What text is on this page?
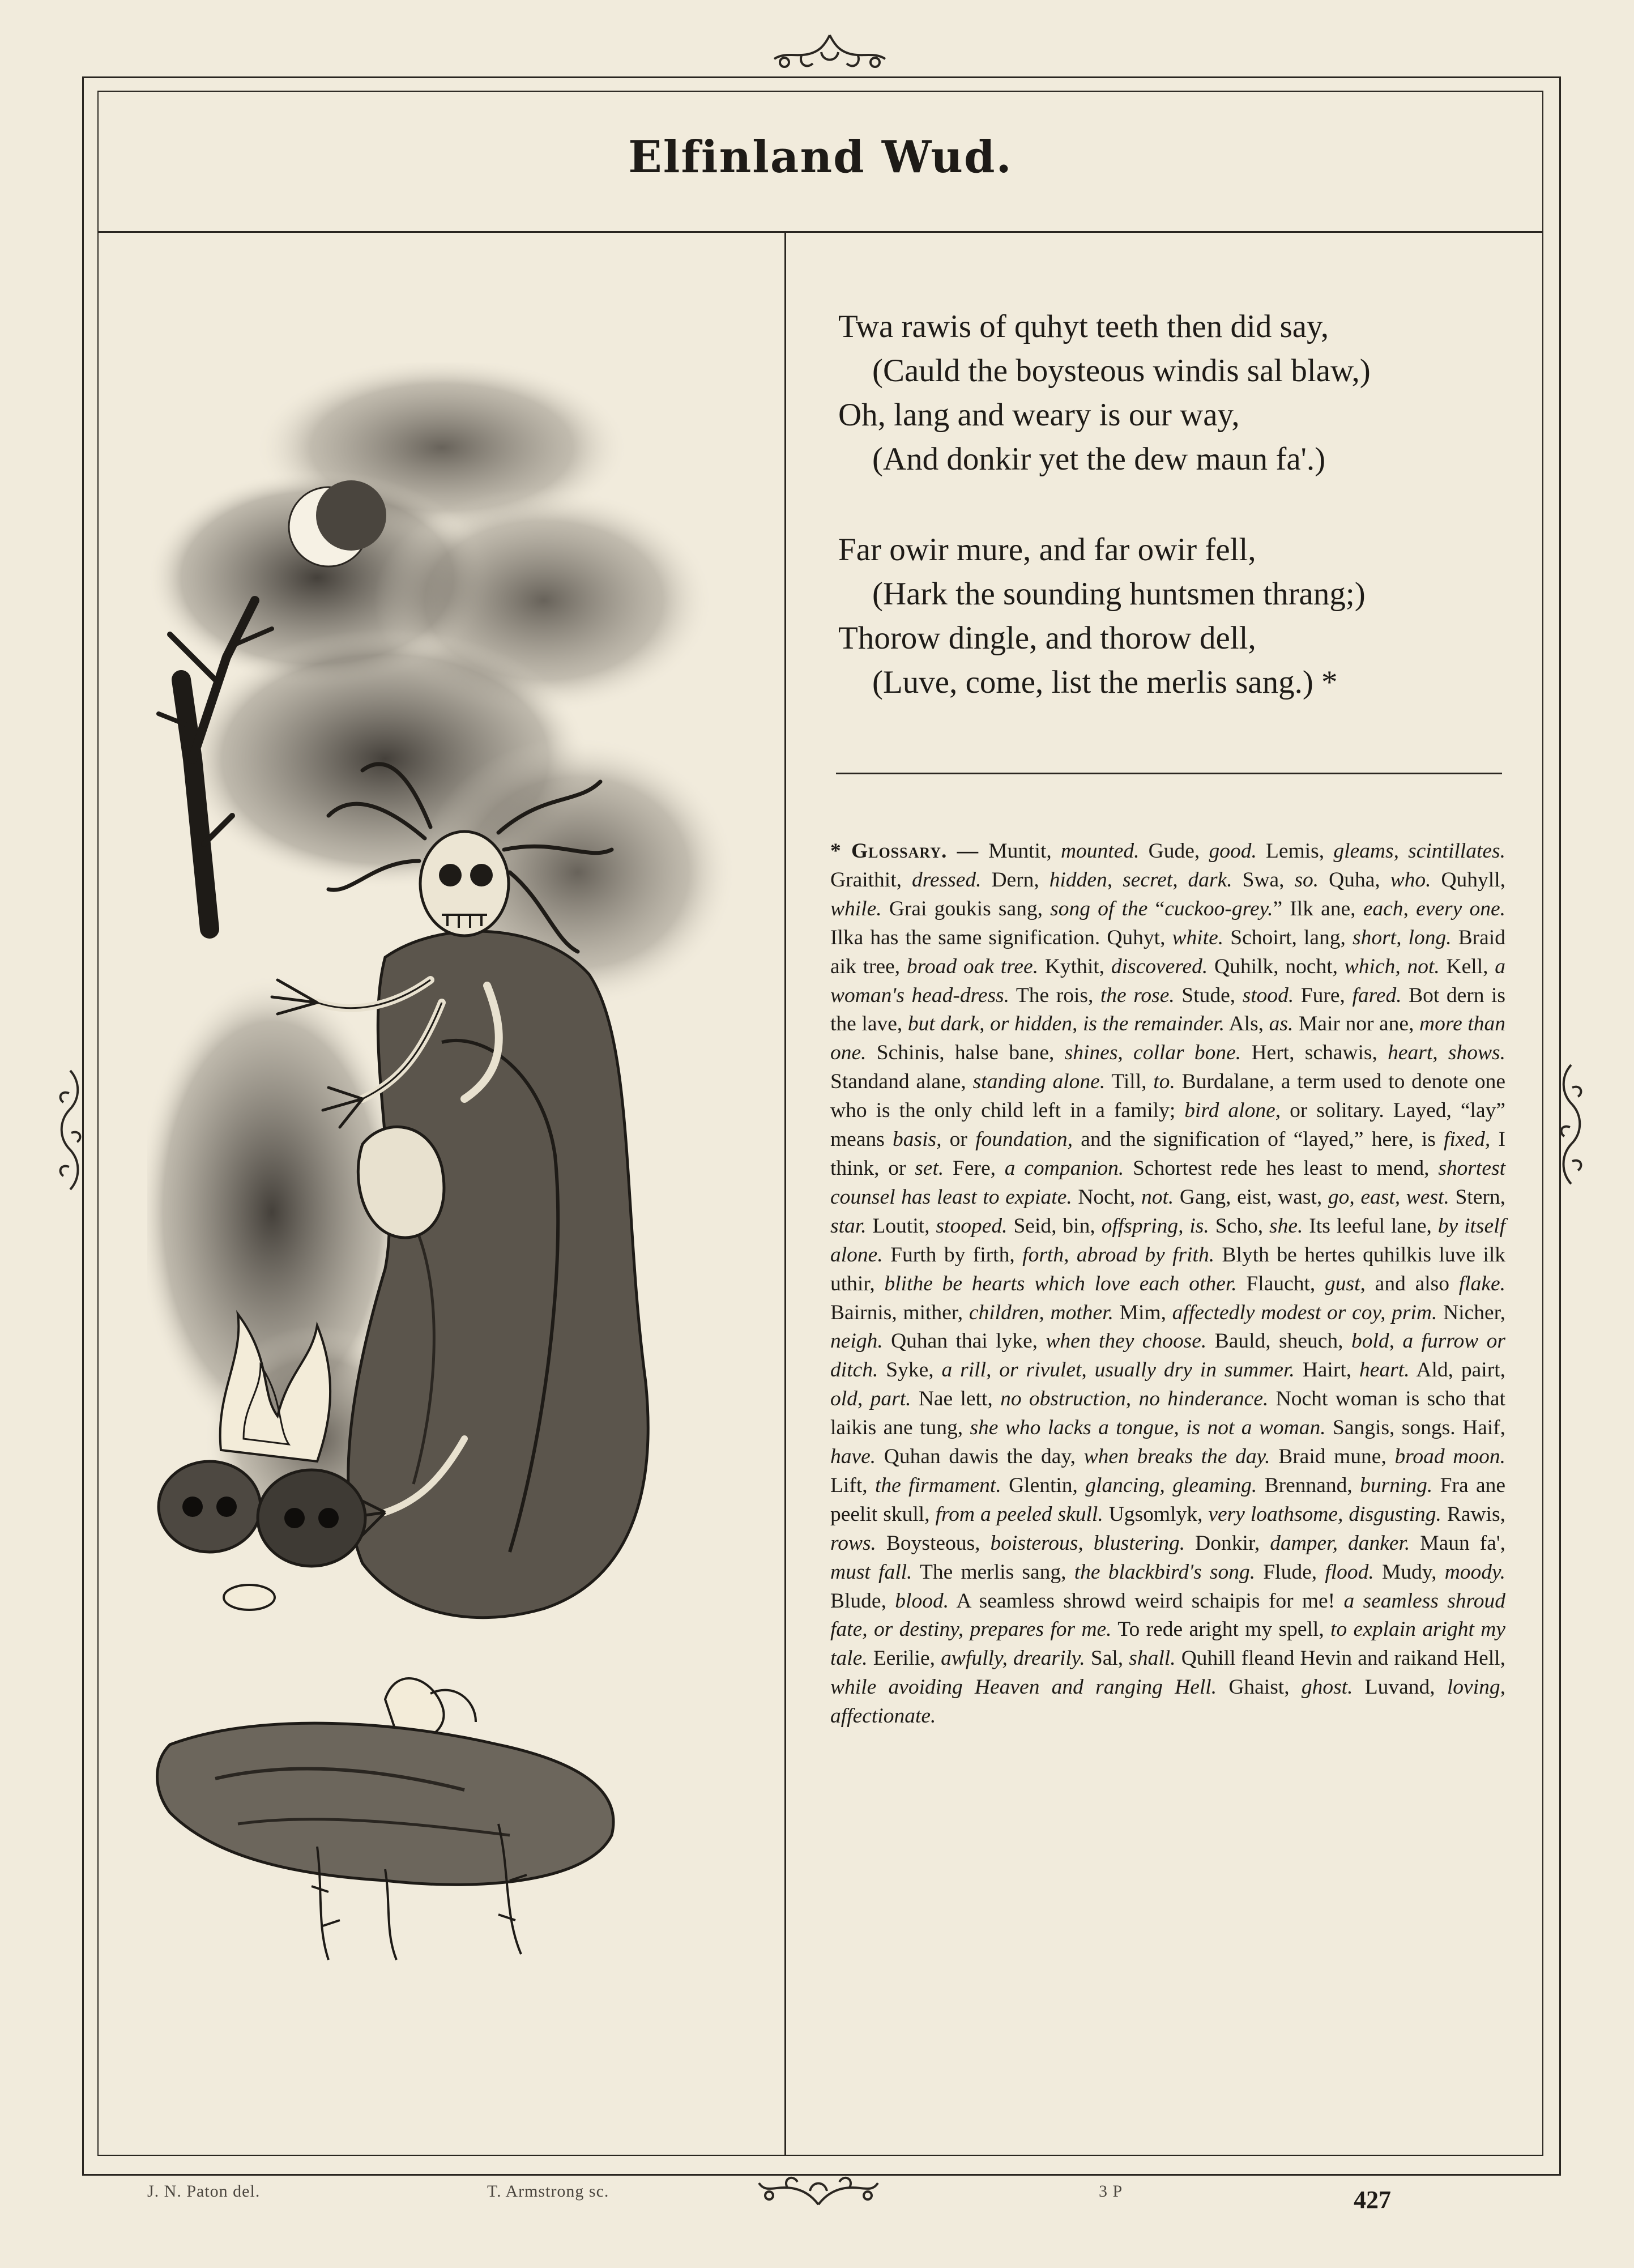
Elfinland Wud.
Twa rawis of quhyt teeth then did say,
(Cauld the boysteous windis sal blaw,)
Oh, lang and weary is our way,
(And donkir yet the dew maun fa'.)
Far owir mure, and far owir fell,
(Hark the sounding huntsmen thrang;)
Thorow dingle, and thorow dell,
(Luve, come, list the merlis sang.) *
* Glossary. — Muntit, mounted. Gude, good. Lemis, gleams, scintillates. Graithit, dressed. Dern, hidden, secret, dark. Swa, so. Quha, who. Quhyll, while. Grai goukis sang, song of the “cuckoo-grey.” Ilk ane, each, every one. Ilka has the same signification. Quhyt, white. Schoirt, lang, short, long. Braid aik tree, broad oak tree. Kythit, discovered. Quhilk, nocht, which, not. Kell, a woman's head-dress. The rois, the rose. Stude, stood. Fure, fared. Bot dern is the lave, but dark, or hidden, is the remainder. Als, as. Mair nor ane, more than one. Schinis, halse bane, shines, collar bone. Hert, schawis, heart, shows. Standand alane, standing alone. Till, to. Burdalane, a term used to denote one who is the only child left in a family; bird alone, or solitary. Layed, “lay” means basis, or foundation, and the signification of “layed,” here, is fixed, I think, or set. Fere, a companion. Schortest rede hes least to mend, shortest counsel has least to expiate. Nocht, not. Gang, eist, wast, go, east, west. Stern, star. Loutit, stooped. Seid, bin, offspring, is. Scho, she. Its leeful lane, by itself alone. Furth by firth, forth, abroad by frith. Blyth be hertes quhilkis luve ilk uthir, blithe be hearts which love each other. Flaucht, gust, and also flake. Bairnis, mither, children, mother. Mim, affectedly modest or coy, prim. Nicher, neigh. Quhan thai lyke, when they choose. Bauld, sheuch, bold, a furrow or ditch. Syke, a rill, or rivulet, usually dry in summer. Hairt, heart. Ald, pairt, old, part. Nae lett, no obstruction, no hinderance. Nocht woman is scho that laikis ane tung, she who lacks a tongue, is not a woman. Sangis, songs. Haif, have. Quhan dawis the day, when breaks the day. Braid mune, broad moon. Lift, the firmament. Glentin, glancing, gleaming. Brennand, burning. Fra ane peelit skull, from a peeled skull. Ugsomlyk, very loathsome, disgusting. Rawis, rows. Boysteous, boisterous, blustering. Donkir, damper, danker. Maun fa', must fall. The merlis sang, the blackbird's song. Flude, flood. Mudy, moody. Blude, blood. A seamless shrowd weird schaipis for me! a seamless shroud fate, or destiny, prepares for me. To rede aright my spell, to explain aright my tale. Eerilie, awfully, drearily. Sal, shall. Quhill fleand Hevin and raikand Hell, while avoiding Heaven and ranging Hell. Ghaist, ghost. Luvand, loving, affectionate.
J. N. Paton del.	T. Armstrong sc.	3 P	427
